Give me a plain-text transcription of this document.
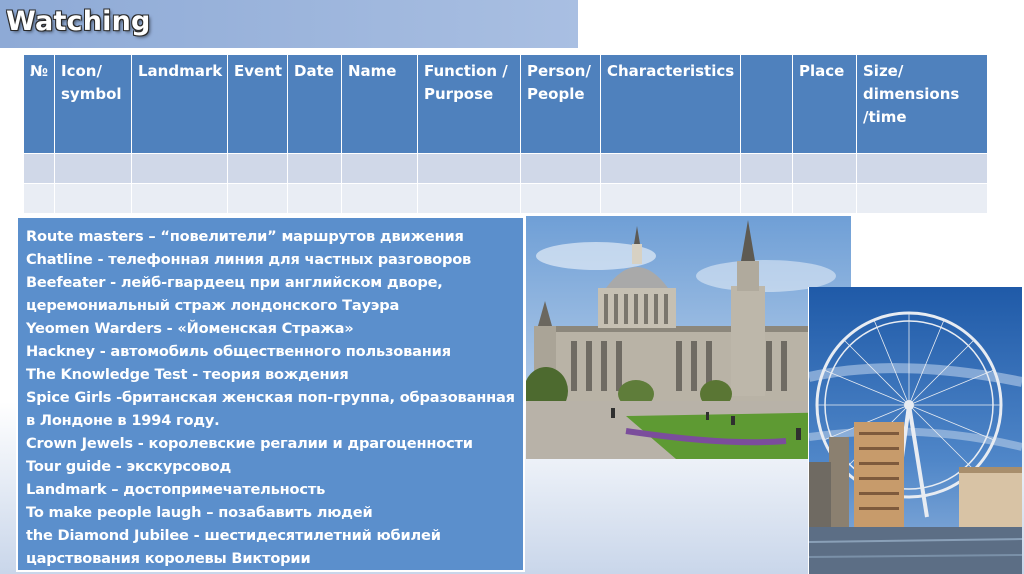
Watching
№	Icon/ symbol	Landmark	Event	Date	Name	Function / Purpose	Person/ People	Characteristics		Place	Size/ dimensions /time

Route masters – “повелители” маршрутов движения
Chatline - телефонная линия для частных разговоров
Beefeater - лейб-гвардеец при английском дворе,
церемониальный страж лондонского Тауэра
Yeomen Warders - «Йоменская Стража»
Hackney - автомобиль общественного пользования
The Knowledge Test - теория вождения
Spice Girls -британская женская поп-группа, образованная
в Лондоне в 1994 году.
Crown Jewels - королевские регалии и драгоценности
Tour guide - экскурсовод
Landmark – достопримечательность
To make people laugh – позабавить людей
the Diamond Jubilee - шестидесятилетний юбилей
царствования королевы Виктории
